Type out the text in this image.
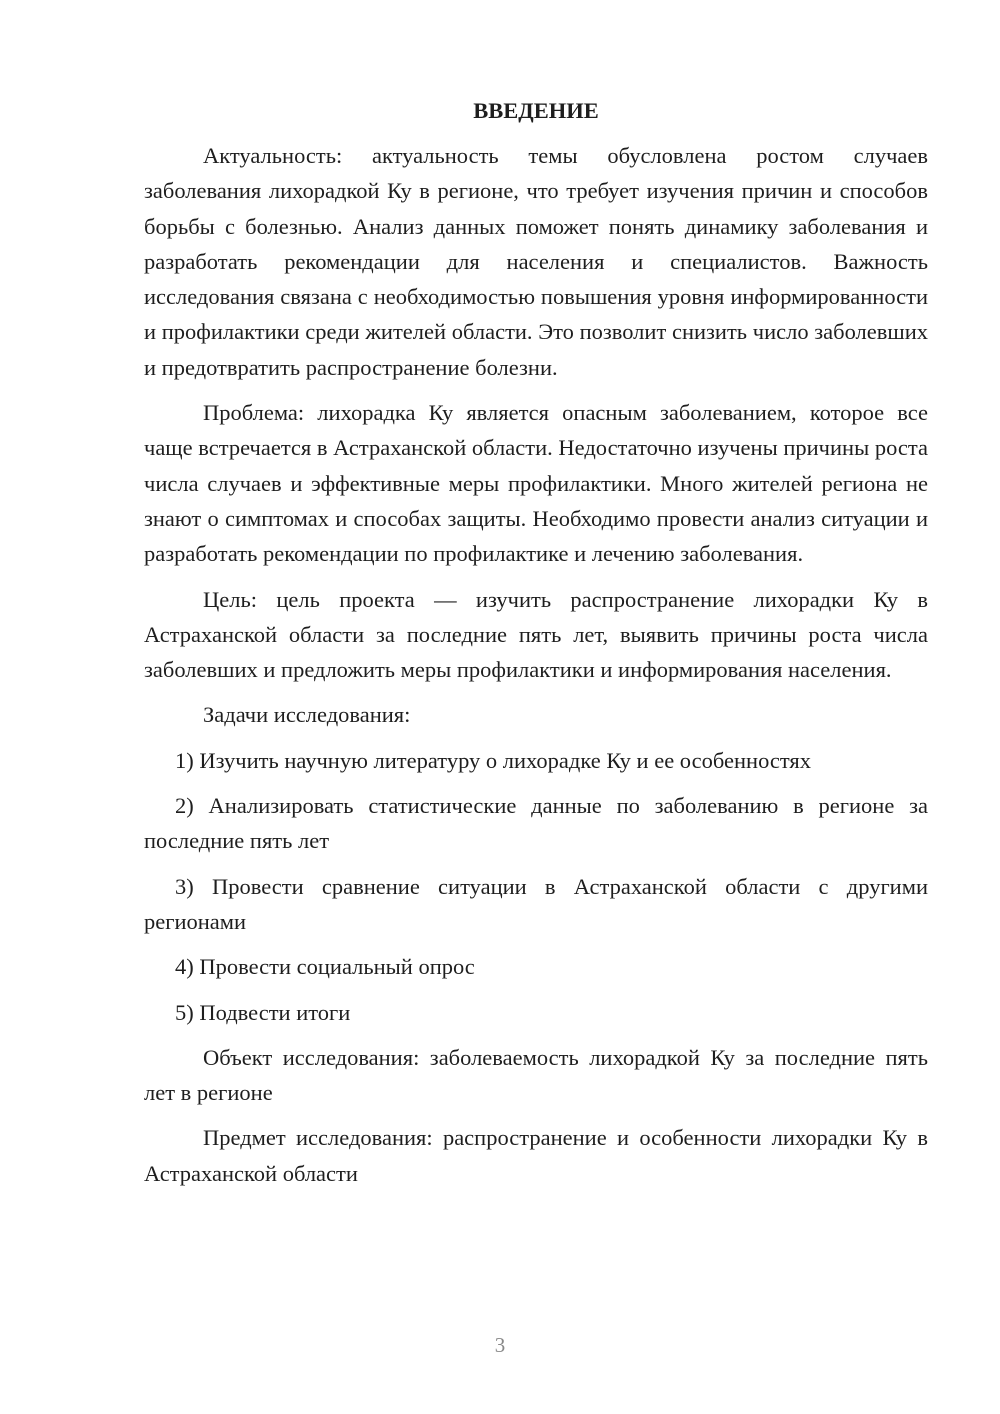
ВВЕДЕНИЕ

Актуальность: актуальность темы обусловлена ростом случаев заболевания лихорадкой Ку в регионе, что требует изучения причин и способов борьбы с болезнью. Анализ данных поможет понять динамику заболевания и разработать рекомендации для населения и специалистов. Важность исследования связана с необходимостью повышения уровня информированности и профилактики среди жителей области. Это позволит снизить число заболевших и предотвратить распространение болезни.

Проблема: лихорадка Ку является опасным заболеванием, которое все чаще встречается в Астраханской области. Недостаточно изучены причины роста числа случаев и эффективные меры профилактики. Много жителей региона не знают о симптомах и способах защиты. Необходимо провести анализ ситуации и разработать рекомендации по профилактике и лечению заболевания.

Цель: цель проекта — изучить распространение лихорадки Ку в Астраханской области за последние пять лет, выявить причины роста числа заболевших и предложить меры профилактики и информирования населения.

Задачи исследования:

1) Изучить научную литературу о лихорадке Ку и ее особенностях

2) Анализировать статистические данные по заболеванию в регионе за последние пять лет

3) Провести сравнение ситуации в Астраханской области с другими регионами

4) Провести социальный опрос

5) Подвести итоги

Объект исследования: заболеваемость лихорадкой Ку за последние пять лет в регионе

Предмет исследования: распространение и особенности лихорадки Ку в Астраханской области

3
